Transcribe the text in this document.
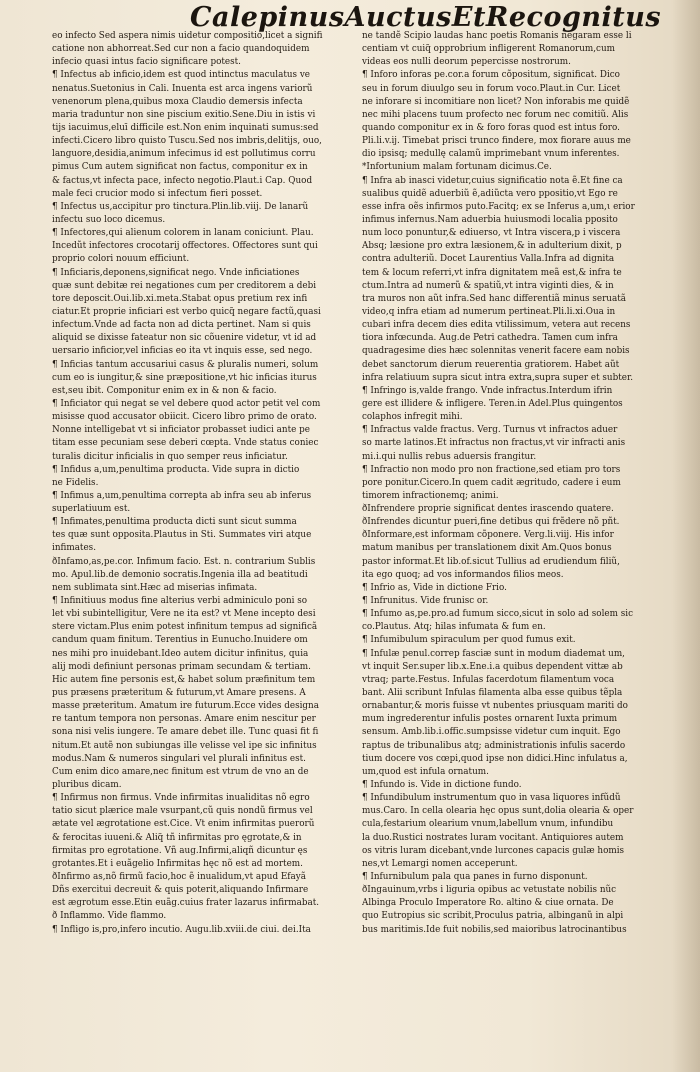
Calepinus Auctus Et Recognitus
eo infecto Sed aspera nimis uidetur compositio,licet a signifi
catione non abhorreat.Sed cur non a facio quandoquidem
infecio quasi intus facio significare potest.
¶ Infectus ab inficio,idem est quod intinctus maculatus ve
nenatus.Suetonius in Cali. Inuenta est arca ingens variorũ
venenorum plena,quibus moxa Claudio demersis infecta
maria traduntur non sine piscium exitio.Sene.Diu in istis vi
tijs iacuimus,eluī difficile est.Non enim inquinati sumus:sed
infecti.Cicero libro quisto Tuscu.Sed nos imbris,delitijs, ouo,
languore,desidia,animum infecimus id est pollutimus corru
pimus Cum autem significat non factus, componitur ex in
& factus,vt infecta pace, infecto negotio.Plaut.i Cap. Quod
male feci crucior modo si infectum fieri posset.
¶ Infectus us,accipitur pro tinctura.Plin.lib.viij. De lanarũ
infectu suo loco dicemus.
¶ Infectores,qui alienum colorem in lanam coniciunt. Plau.
Incedũt infectores crocotarij offectores. Offectores sunt qui
proprio colori nouum efficiunt.
¶ Inficiaris,deponens,significat nego. Vnde inficiationes
quæ sunt debitæ rei negationes cum per creditorem a debi
tore deposcit.Oui.lib.xi.meta.Stabat opus pretium rex infi
ciatur.Et proprie inficiari est verbo quicq̃ negare factũ,quasi
infectum.Vnde ad facta non ad dicta pertinet. Nam si quis
aliquid se dixisse fateatur non sic cõuenire videtur, vt id ad
uersario inficior,vel inficias eo ita vt inquis esse, sed nego.
¶ Inficias tantum accusariui casus & pluralis numeri, solum
cum eo is iungitur,& sine præpositione,vt hic inficias iturus
est,seu ibit. Componitur enim ex in & non & facio.
¶ Inficiator qui negat se vel debere quod actor petit vel com
misisse quod accusator obiicit. Cicero libro primo de orato.
Nonne intelligebat vt si inficiator probasset iudici ante pe
titam esse pecuniam sese deberi cœpta. Vnde status coniec
turalis dicitur inficialis in quo semper reus inficiatur.
¶ Infidus a,um,penultima producta. Vide supra in dictio
ne Fidelis.
¶ Infimus a,um,penultima correpta ab infra seu ab inferus
superlatiuum est.
¶ Infimates,penultima producta dicti sunt sicut summa
tes quæ sunt opposita.Plautus in Sti. Summates viri atque
infimates.
ðInfamo,as,pe.cor. Infimum facio. Est. n. contrarium Sublis
mo. Apul.lib.de demonio socratis.Ingenia illa ad beatitudi
nem sublimata sint.Hæc ad miserias infimata.
¶ Infinitiuus modus fine alterius verbi adminiculo poni so
let vbi subintelligitur, Vere ne ita est? vt Mene incepto desi
stere victam.Plus enim potest infinitum tempus ad significã
candum quam finitum. Terentius in Eunucho.Inuidere om
nes mihi pro inuidebant.Ideo autem dicitur infinitus, quia
alij modi definiunt personas primam secundam & tertiam.
Hic autem fine personis est,& habet solum præfinitum tem
pus præsens præteritum & futurum,vt Amare presens. A
masse præteritum. Amatum ire futurum.Ecce vides designa
re tantum tempora non personas. Amare enim nescitur per
sona nisi velis iungere. Te amare debet ille. Tunc quasi fit fi
nitum.Et autẽ non subiungas ille velisse vel ipe sic infinitus
modus.Nam & numeros singulari vel plurali infinitus est.
Cum enim dico amare,nec finitum est vtrum de vno an de
pluribus dicam.
¶ Infirmus non firmus. Vnde infirmitas inualiditas nõ egro
tatio sicut plærice male vsurpant,cũ quis nondũ firmus vel
ætate vel ægrotatione est.Cice. Vt enim infirmitas puerorũ
& ferocitas iuueni.& Aliq̃ tñ infirmitas pro ęgrotate,& in
firmitas pro egrotatione. Vñ aug.Infirmi,aliqñ dicuntur ęs
grotantes.Et i euãgelio Infirmitas hęc nõ est ad mortem.
ðInfirmo as,nõ firmũ facio,hoc ẽ inualidum,vt apud Efayã
Dñs exercitui decreuit & quis poterit,aliquando Infirmare
est ægrotum esse.Etin euãg.cuius frater lazarus infirmabat.
ð Inflammo. Vide flammo.
¶ Infligo is,pro,infero incutio. Augu.lib.xviii.de ciui. dei.Ita
ne tandẽ Scipio laudas hanc poetis Romanis negaram esse li
centiam vt cuiq̃ opprobrium infligerent Romanorum,cum
videas eos nulli deorum pepercisse nostrorum.
¶ Inforo inforas pe.cor.a forum cõpositum, significat. Dico
seu in forum diuulgo seu in forum voco.Plaut.in Cur. Licet
ne inforare si incomitiare non licet? Non inforabis me quidẽ
nec mihi placens tuum profecto nec forum nec comitiũ. Alis
quando componitur ex in & foro foras quod est intus foro.
Pli.li.v.ij. Timebat prisci trunco findere, mox fiorare auus me
dio ipsisq; medullę calamũ imprimebant vnum inferentes.
*Infortunium malam fortunam dicimus.Ce.
¶ Infra ab inasci videtur,cuius significatio nota ẽ.Et fine ca
sualibus quidẽ aduerbiũ ẽ,adiũcta vero ppositio,vt Ego re
esse infra oẽs infirmos puto.Facitq; ex se Inferus a,um,ι eriοr
infimus infernus.Nam aduerbia huiusmodi localia pposito
num loco ponuntur,& ediuerso, vt Intra viscera,p i viscera
Absq; læsione pro extra læsionem,& in adulterium dixit, p
contra adulteriũ. Docet Laurentius Valla.Infra ad dignita
tem & locum referri,vt infra dignitatem meã est,& infra te
ctum.Intra ad numerũ & spatiũ,vt intra viginti dies, & in
tra muros non aũt infra.Sed hanc differentiã minus seruatã
video,q infra etiam ad numerum pertineat.Pli.li.xi.Oua in
cubari infra decem dies edita vtilissimum, vetera aut recens
tiora infœcunda. Aug.de Petri cathedra. Tamen cum infra
quadragesime dies hæc solennitas venerit facere eam nobis
debet sanctorum dierum reuerentia gratiorem. Habet aũt
infra relatiuum supra sicut intra extra,supra super et subter.
¶ Infringo is,valde frango. Vnde infractus.Interdum ifrin
gere est illidere & infligere. Teren.in Adel.Plus quingentos
colaphos infregit mihi.
¶ Infractus valde fractus. Verg. Turnus vt infractos aduer
so marte latinos.Et infractus non fractus,vt vir infracti anis
mi.i.qui nullis rebus aduersis frangitur.
¶ Infractio non modo pro non fractione,sed etiam pro tors
pore ponitur.Cicero.In quem cadit ægritudo, cadere i eum
timorem infractionemq; animi.
ðInfrendere proprie significat dentes irascendo quatere.
ðInfrendes dicuntur pueri,fine detibus qui frẽdere nõ pñt.
ðInformare,est informam cõponere. Verg.li.viij. His infor
matum manibus per translationem dixit Am.Quos bonus
pastor informat.Et lib.of.sicut Tullius ad erudiendum filiũ,
ita ego quoq; ad vos informandos filios meos.
¶ Infrio as, Vide in dictione Frio.
¶ Infrunitus. Vide frunisc or.
¶ Infumo as,pe.pro.ad fumum sicco,sicut in solo ad solem sic
co.Plautus. Atq; hilas infumata & fum en.
¶ Infumibulum spiraculum per quod fumus exit.
¶ Infulæ penul.correp fasciæ sunt in modum diademat um,
vt inquit Ser.super lib.x.Ene.i.a quibus dependent vittæ ab
vtraq; parte.Festus. Infulas facerdotum filamentum voca
bant. Alii scribunt Infulas filamenta alba esse quibus tẽpla
ornabantur,& moris fuisse vt nubentes priusquam mariti do
mum ingrederentur infulis postes ornarent Iuxta primum
sensum. Amb.lib.i.offic.sumpsisse videtur cum inquit. Ego
raptus de tribunalibus atq; administrationis infulis sacerdo
tium docere vos cœpi,quod ipse non didici.Hinc infulatus a,
um,quod est infula ornatum.
¶ Infundo is. Vide in dictione fundo.
¶ Infundibulum instrumentum quo in vasa liquores infũdũ
mus.Caro. In cella olearia hęc opus sunt,dolia olearia & oper
cula,festarium olearium vnum,labellum vnum, infundibu
la duo.Rustici nostrates luram vocitant. Antiquiores autem
os vitris luram dicebant,vnde lurcones capacis gulæ homis
nes,vt Lemargi nomen acceperunt.
¶ Infurnibulum pala qua panes in furno disponunt.
ðIngauinum,vrbs i liguria opibus ac vetustate nobilis nũc
Albinga Proculo Imperatore Ro. altino & ciue ornata. De
quo Eutropius sic scribit,Proculus patria, albinganũ in alpi
bus maritimis.Ide fuit nobilis,sed maioribus latrocinantibus
